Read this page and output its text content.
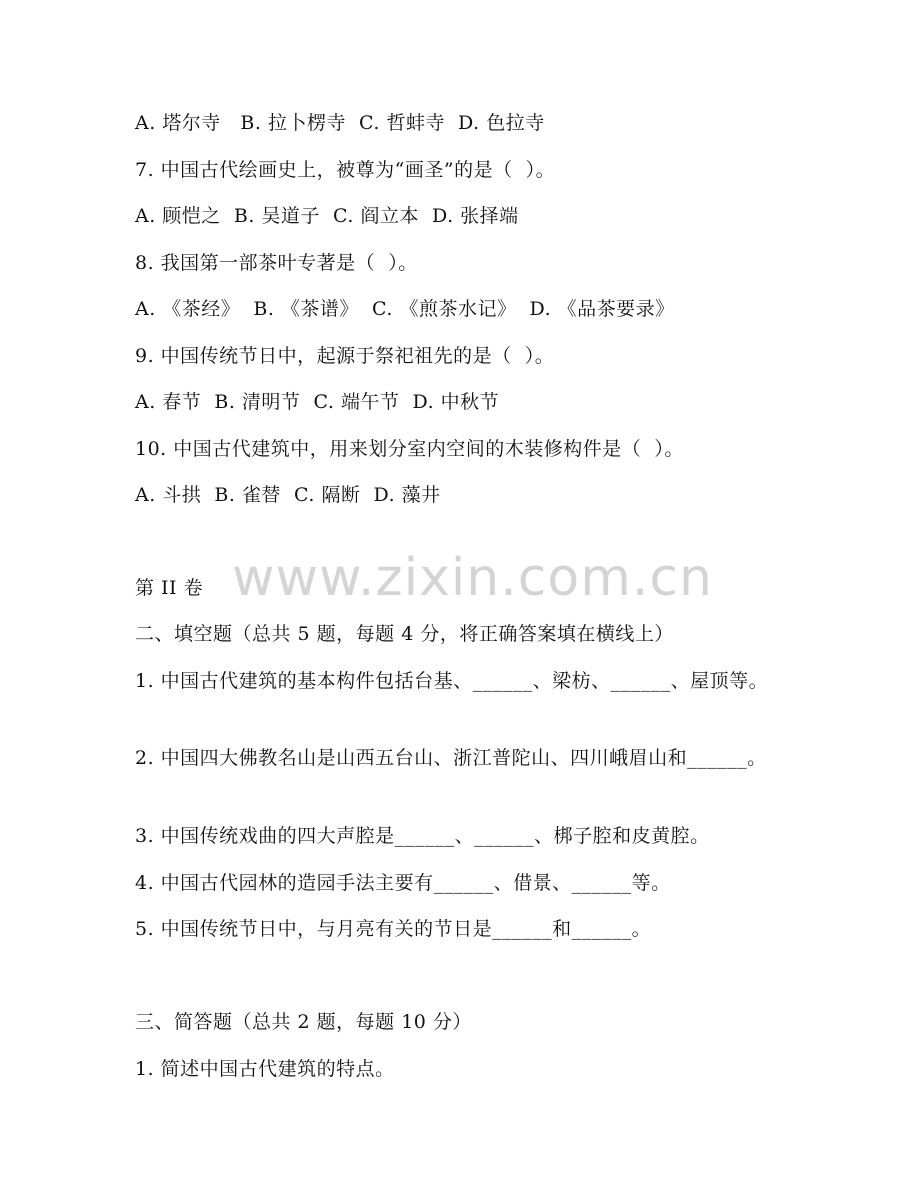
www.zixin.com.cn
A. 塔尔寺   B. 拉卜楞寺  C. 哲蚌寺  D. 色拉寺
7. 中国古代绘画史上，被尊为“画圣”的是（  ）。
A. 顾恺之  B. 吴道子  C. 阎立本  D. 张择端
8. 我国第一部茶叶专著是（  ）。
A. 《茶经》  B. 《茶谱》  C. 《煎茶水记》  D. 《品茶要录》
9. 中国传统节日中，起源于祭祀祖先的是（  ）。
A. 春节  B. 清明节  C. 端午节  D. 中秋节
10. 中国古代建筑中，用来划分室内空间的木装修构件是（  ）。
A. 斗拱  B. 雀替  C. 隔断  D. 藻井
第 II 卷
二、填空题（总共 5 题，每题 4 分，将正确答案填在横线上）
1. 中国古代建筑的基本构件包括台基、______、梁枋、______、屋顶等。
2. 中国四大佛教名山是山西五台山、浙江普陀山、四川峨眉山和______。
3. 中国传统戏曲的四大声腔是______、______、梆子腔和皮黄腔。
4. 中国古代园林的造园手法主要有______、借景、______等。
5. 中国传统节日中，与月亮有关的节日是______和______。
三、简答题（总共 2 题，每题 10 分）
1. 简述中国古代建筑的特点。
